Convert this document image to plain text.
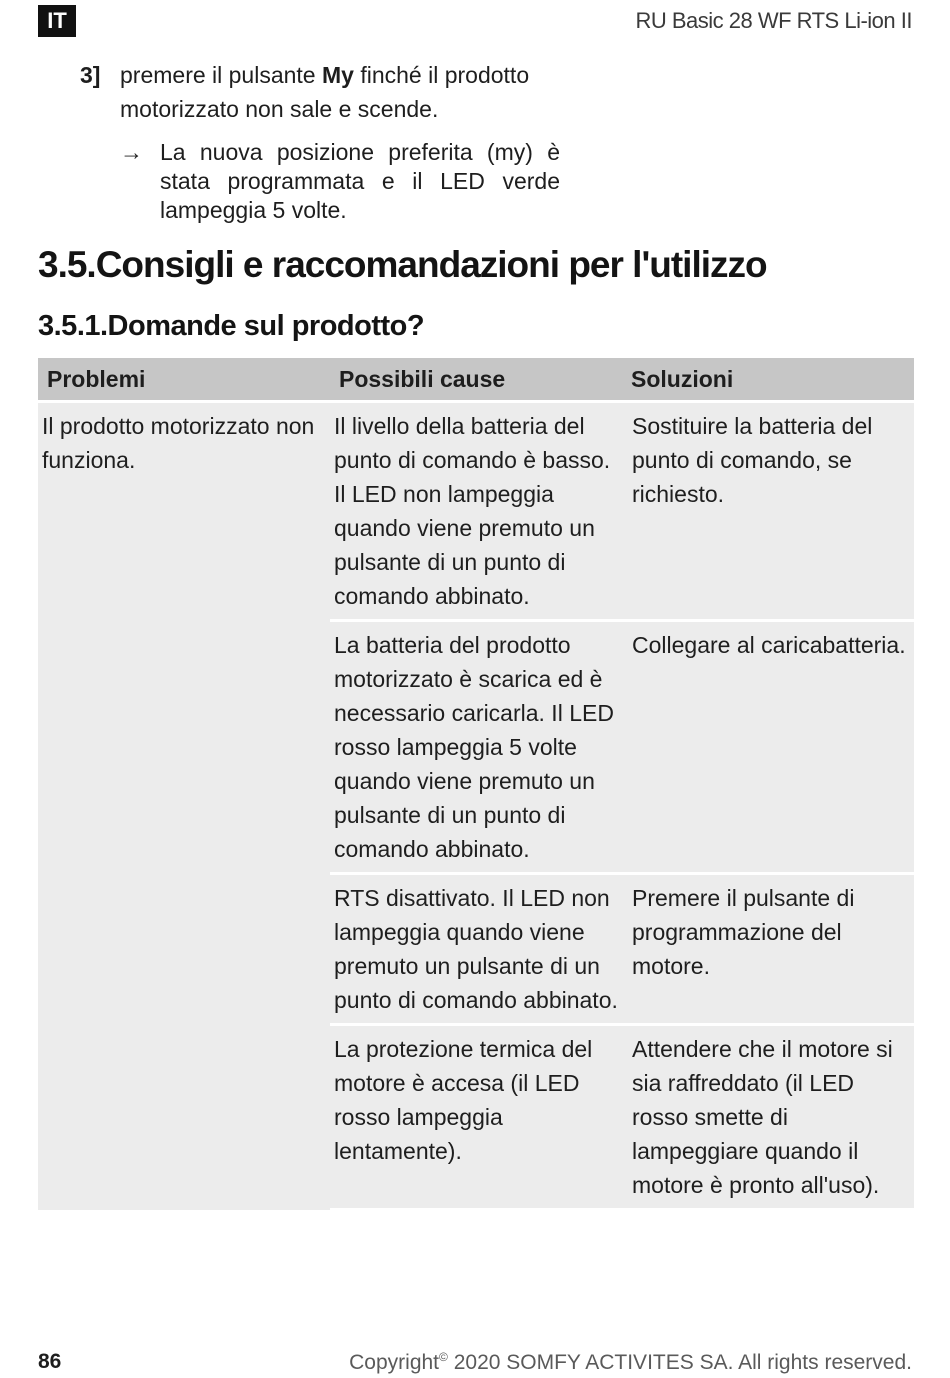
IT	RU Basic 28 WF RTS Li-ion II
3] premere il pulsante My finché il prodotto motorizzato non sale e scende.
→ La nuova posizione preferita (my) è stata programmata e il LED verde lampeggia 5 volte.
3.5.Consigli e raccomandazioni per l'utilizzo
3.5.1.Domande sul prodotto?
Problemi	Possibili cause	Soluzioni
Il prodotto motorizzato non funziona.	Il livello della batteria del punto di comando è basso. Il LED non lampeggia quando viene premuto un pulsante di un punto di comando abbinato.	Sostituire la batteria del punto di comando, se richiesto.
	La batteria del prodotto motorizzato è scarica ed è necessario caricarla. Il LED rosso lampeggia 5 volte quando viene premuto un pulsante di un punto di comando abbinato.	Collegare al caricabatteria.
	RTS disattivato. Il LED non lampeggia quando viene premuto un pulsante di un punto di comando abbinato.	Premere il pulsante di programmazione del motore.
	La protezione termica del motore è accesa (il LED rosso lampeggia lentamente).	Attendere che il motore si sia raffreddato (il LED rosso smette di lampeggiare quando il motore è pronto all'uso).
86	Copyright© 2020 SOMFY ACTIVITES SA. All rights reserved.
